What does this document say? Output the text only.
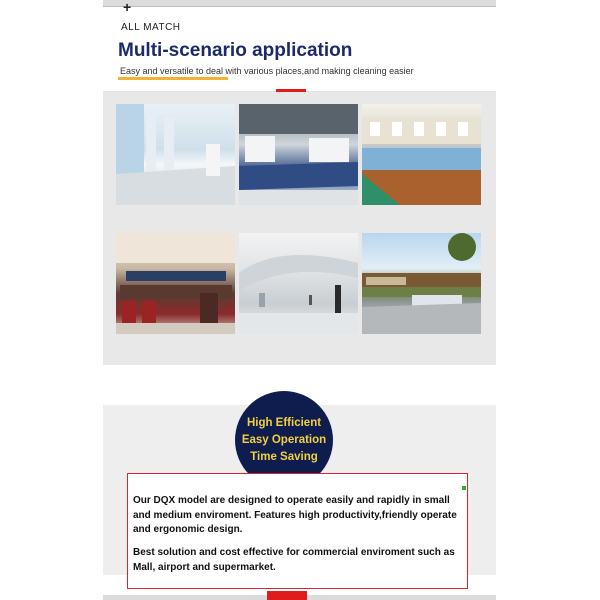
+
ALL MATCH
Multi-scenario application
Easy and versatile to deal with various places,and making cleaning easier
High Efficient
Easy Operation
Time Saving

Our DQX model are designed to operate easily and rapidly in small and medium enviroment. Features high productivity,friendly operate and ergonomic design.

Best solution and cost effective for commercial enviroment such as Mall, airport and supermarket.
